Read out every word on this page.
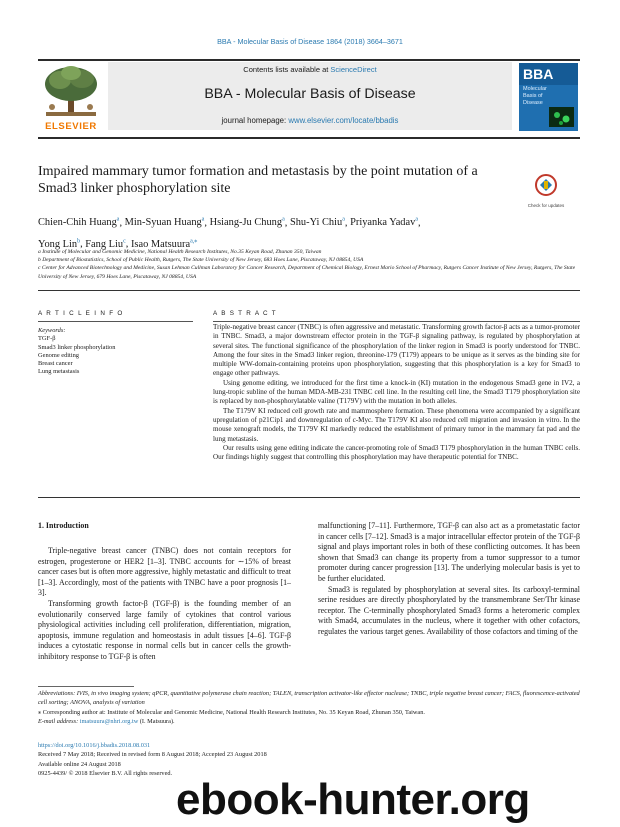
BBA - Molecular Basis of Disease 1864 (2018) 3664–3671
ELSEVIER
Contents lists available at ScienceDirect
BBA - Molecular Basis of Disease
journal homepage: www.elsevier.com/locate/bbadis
BBA
Molecular
Basis of
Disease
Impaired mammary tumor formation and metastasis by the point mutation of a Smad3 linker phosphorylation site
Check for updates
Chien-Chih Huang$^a$, Min-Syuan Huang$^a$, Hsiang-Ju Chung$^a$, Shu-Yi Chiu$^a$, Priyanka Yadav$^a$,
Yong Lin$^b$, Fang Liu$^c$, Isao Matsuura$^{a,⁎}$
a Institute of Molecular and Genomic Medicine, National Health Research Institutes, No.35 Keyan Road, Zhunan 350, Taiwan
b Department of Biostatistics, School of Public Health, Rutgers, The State University of New Jersey, 683 Hoes Lane, Piscataway, NJ 08854, USA
c Center for Advanced Biotechnology and Medicine, Susan Lehman Cullman Laboratory for Cancer Research, Department of Chemical Biology, Ernest Mario School of Pharmacy, Rutgers Cancer Institute of New Jersey, Rutgers, The State University of New Jersey, 679 Hoes Lane, Piscataway, NJ 08854, USA
A R T I C L E I N F O	A B S T R A C T
Keywords:
TGF-β
Smad3 linker phosphorylation
Genome editing
Breast cancer
Lung metastasis

Triple-negative breast cancer (TNBC) is often aggressive and metastatic. Transforming growth factor-β acts as a tumor-promoter in TNBC. Smad3, a major downstream effector protein in the TGF-β signaling pathway, is regulated by phosphorylation at several sites. The functional significance of the phosphorylation of the linker region in Smad3 is poorly understood for TNBC. Among the four sites in the Smad3 linker region, threonine-179 (T179) appears to be unique as it serves as the binding site for multiple WW-domain-containing proteins upon phosphorylation, suggesting that this phosphorylation is a key for Smad3 to engage other pathways.

Using genome editing, we introduced for the first time a knock-in (KI) mutation in the endogenous Smad3 gene in IV2, a lung-tropic subline of the human MDA-MB-231 TNBC cell line. In the resulting cell line, the Smad3 T179 phosphorylation site is replaced by non-phosphorylatable valine (T179V) with the mutation in both alleles.

The T179V KI reduced cell growth rate and mammosphere formation. These phenomena were accompanied by a significant upregulation of p21Cip1 and downregulation of c-Myc. The T179V KI also reduced cell migration and invasion in vitro. In the mouse xenograft models, the T179V KI markedly reduced the establishment of primary tumor in the mammary fat pad and the lung metastasis.

Our results using gene editing indicate the cancer-promoting role of Smad3 T179 phosphorylation in the human TNBC cells. Our findings highly suggest that controlling this phosphorylation may have therapeutic potential for TNBC.

1. Introduction

Triple-negative breast cancer (TNBC) does not contain receptors for estrogen, progesterone or HER2 [1–3]. TNBC accounts for ∼15% of breast cancer cases but is often more aggressive, highly metastatic and difficult to treat [1–3]. Accordingly, most of the patients with TNBC have a poor prognosis [1–3].

Transforming growth factor-β (TGF-β) is the founding member of an evolutionarily conserved large family of cytokines that control various physiological activities including cell proliferation, differentiation, migration, apoptosis, immune regulation and homeostasis in adult tissues [4–6]. TGF-β induces a cytostatic response in normal cells but in cancer cells the growth-inhibitory response to TGF-β is often

malfunctioning [7–11]. Furthermore, TGF-β can also act as a prometastatic factor in cancer cells [7–12]. Smad3 is a major intracellular effector protein of the TGF-β signal and plays important roles in both of these conflicting outcomes. It has been shown that Smad3 can change its property from a tumor suppressor to a tumor promoter during cancer progression [13]. The underlying molecular basis is yet to be further elucidated.

Smad3 is regulated by phosphorylation at several sites. Its carboxyl-terminal serine residues are directly phosphorylated by the transmembrane Ser/Thr kinase receptor. The C-terminally phosphorylated Smad3 forms a heteromeric complex with Smad4, accumulates in the nucleus, where it together with other cofactors, regulates the various target genes. Availability of those cofactors and timing of the

Abbreviations: IVIS, in vivo imaging system; qPCR, quantitative polymerase chain reaction; TALEN, transcription activator-like effector nuclease; TNBC, triple negative breast cancer; FACS, fluorescence-activated cell sorting; ANOVA, analysis of variation

⁎ Corresponding author at: Institute of Molecular and Genomic Medicine, National Health Research Institutes, No. 35 Keyan Road, Zhunan 350, Taiwan.

E-mail address: imatsuura@nhri.org.tw (I. Matsuura).

https://doi.org/10.1016/j.bbadis.2018.08.031

Received 7 May 2018; Received in revised form 8 August 2018; Accepted 23 August 2018

Available online 24 August 2018

0925-4439/ © 2018 Elsevier B.V. All rights reserved.

ebook-hunter.org
